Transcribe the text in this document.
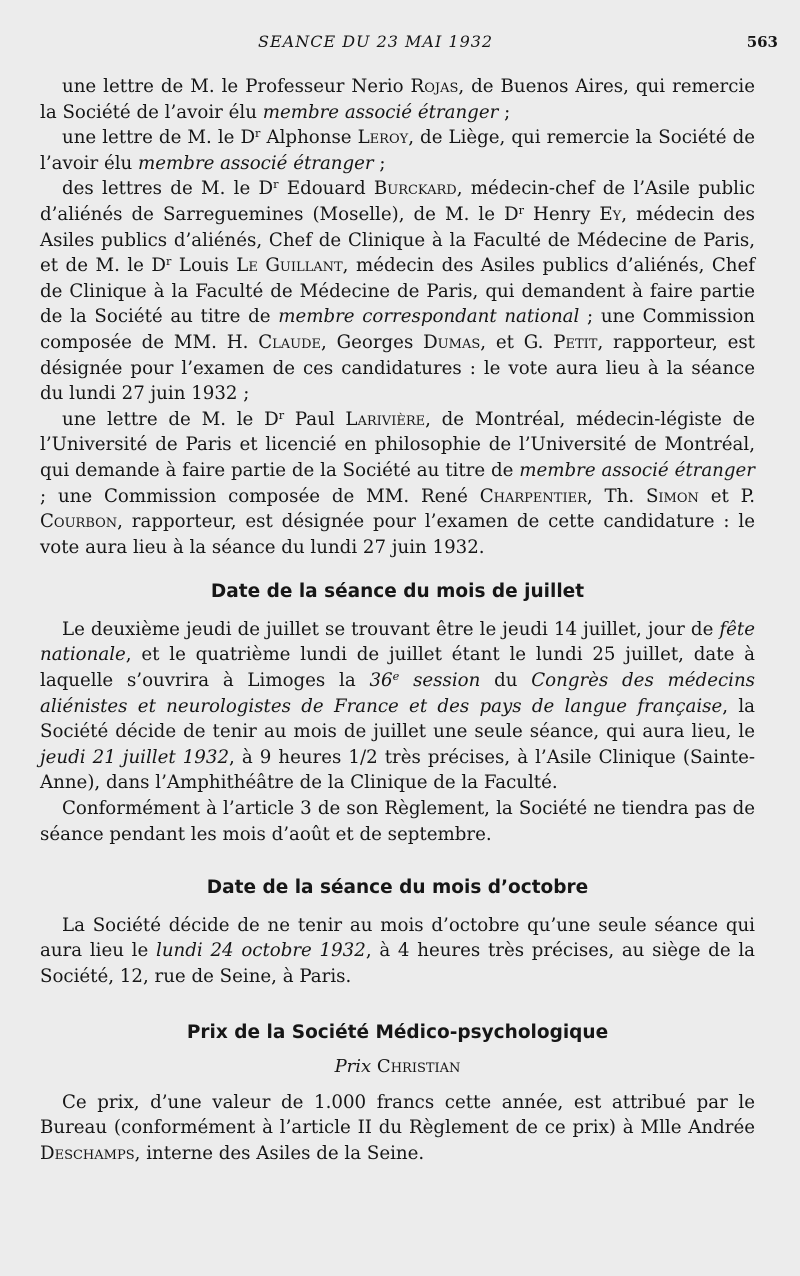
SEANCE DU 23 MAI 1932	563

une lettre de M. le Professeur Nerio Rojas, de Buenos Aires, qui remercie la Société de l’avoir élu membre associé étranger ;

une lettre de M. le $D^r$ Alphonse Leroy, de Liège, qui remercie la Société de l’avoir élu membre associé étranger ;

des lettres de M. le $D^r$ Edouard Burckard, médecin-chef de l’Asile public d’aliénés de Sarreguemines (Moselle), de M. le $D^r$ Henry Ey, médecin des Asiles publics d’aliénés, Chef de Clinique à la Faculté de Médecine de Paris, et de M. le $D^r$ Louis Le Guillant, médecin des Asiles publics d’aliénés, Chef de Clinique à la Faculté de Médecine de Paris, qui demandent à faire partie de la Société au titre de membre correspondant national ; une Commission composée de MM. H. Claude, Georges Dumas, et G. Petit, rapporteur, est désignée pour l’examen de ces candidatures : le vote aura lieu à la séance du lundi 27 juin 1932 ;

une lettre de M. le $D^r$ Paul Larivière, de Montréal, médecin-légiste de l’Université de Paris et licencié en philosophie de l’Université de Montréal, qui demande à faire partie de la Société au titre de membre associé étranger ; une Commission composée de MM. René Charpentier, Th. Simon et P. Courbon, rapporteur, est désignée pour l’examen de cette candidature : le vote aura lieu à la séance du lundi 27 juin 1932.

Date de la séance du mois de juillet

Le deuxième jeudi de juillet se trouvant être le jeudi 14 juillet, jour de fête nationale, et le quatrième lundi de juillet étant le lundi 25 juillet, date à laquelle s’ouvrira à Limoges la 36e session du Congrès des médecins aliénistes et neurologistes de France et des pays de langue française, la Société décide de tenir au mois de juillet une seule séance, qui aura lieu, le jeudi 21 juillet 1932, à 9 heures 1/2 très précises, à l’Asile Clinique (Sainte-Anne), dans l’Amphithéâtre de la Clinique de la Faculté.

Conformément à l’article 3 de son Règlement, la Société ne tiendra pas de séance pendant les mois d’août et de septembre.

Date de la séance du mois d’octobre

La Société décide de ne tenir au mois d’octobre qu’une seule séance qui aura lieu le lundi 24 octobre 1932, à 4 heures très précises, au siège de la Société, 12, rue de Seine, à Paris.

Prix de la Société Médico-psychologique
Prix Christian

Ce prix, d’une valeur de 1.000 francs cette année, est attribué par le Bureau (conformément à l’article II du Règlement de ce prix) à Mlle Andrée Deschamps, interne des Asiles de la Seine.
